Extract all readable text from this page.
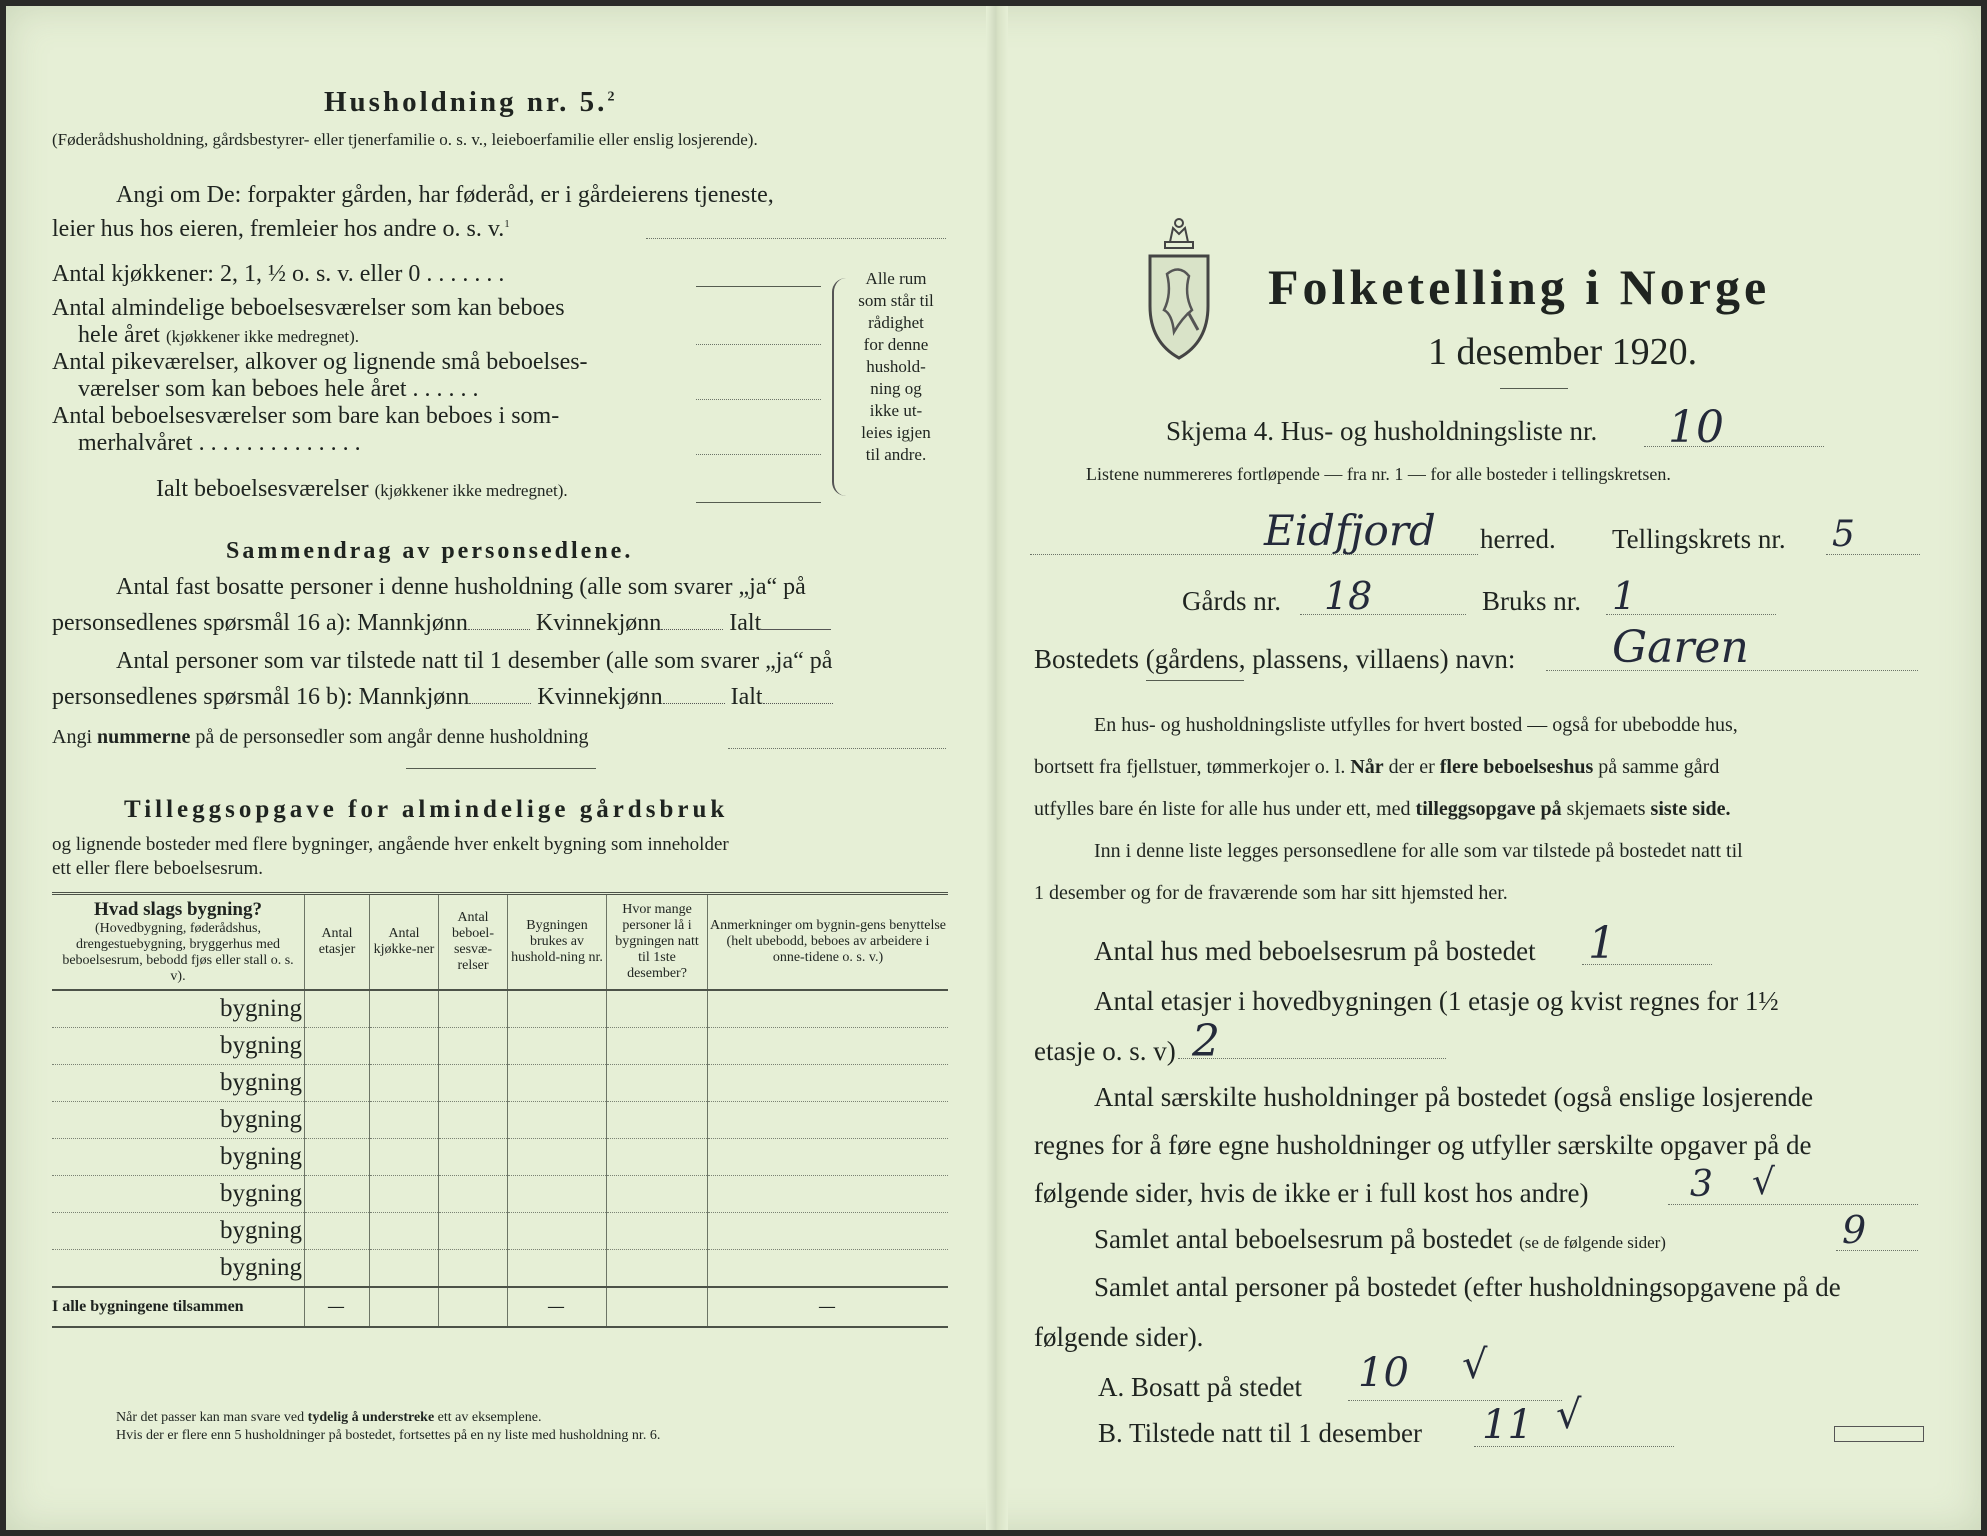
Husholdning nr. 5.$^2$
(Føderådshusholdning, gårdsbestyrer- eller tjenerfamilie o. s. v., leieboerfamilie eller enslig losjerende).
Angi om De: forpakter gården, har føderåd, er i gårdeierens tjeneste,
leier hus hos eieren, fremleier hos andre o. s. v.$^1$
Antal kjøkkener: 2, 1, ½ o. s. v. eller 0 . . . . . . .
Antal almindelige beboelsesværelser som kan beboes
hele året (kjøkkener ikke medregnet).
Antal pikeværelser, alkover og lignende små beboelses-
værelser som kan beboes hele året . . . . . .
Antal beboelsesværelser som bare kan beboes i som-
merhalvåret . . . . . . . . . . . . . .
Ialt beboelsesværelser (kjøkkener ikke medregnet).
Alle rum
som står til
rådighet
for denne
hushold-
ning og
ikke ut-
leies igjen
til andre.
Sammendrag av personsedlene.
Antal fast bosatte personer i denne husholdning (alle som svarer „ja“ på
personsedlenes spørsmål 16 a): Mannkjønn	Kvinnekjønn	Ialt
Antal personer som var tilstede natt til 1 desember (alle som svarer „ja“ på
personsedlenes spørsmål 16 b): Mannkjønn	Kvinnekjønn	Ialt
Angi nummerne på de personsedler som angår denne husholdning
Tilleggsopgave for almindelige gårdsbruk
og lignende bosteder med flere bygninger, angående hver enkelt bygning som inneholder
ett eller flere beboelsesrum.
Hvad slags bygning?
(Hovedbygning, føderådshus, drengestuebygning, bryggerhus med beboelsesrum, bebodd fjøs eller stall o. s. v).	Antal etasjer	Antal kjøkke-ner	Antal beboel-sesvæ-relser	Bygningen brukes av hushold-ning nr.	Hvor mange personer lå i bygningen natt til 1ste desember?	Anmerkninger om bygnin-gens benyttelse (helt ubebodd, beboes av arbeidere i onne-tidene o. s. v.)
bygning						
bygning						
bygning						
bygning						
bygning						
bygning						
bygning						
bygning						
I alle bygningene tilsammen	—			—		—
Når det passer kan man svare ved tydelig å understreke ett av eksemplene.
Hvis der er flere enn 5 husholdninger på bostedet, fortsettes på en ny liste med husholdning nr. 6.
Folketelling i Norge
1 desember 1920.
Skjema 4. Hus- og husholdningsliste nr. 10
Listene nummereres fortløpende — fra nr. 1 — for alle bosteder i tellingskretsen.
Eidfjord herred. Tellingskrets nr. 5
Gårds nr. 18	Bruks nr. 1
Bostedets (gårdens, plassens, villaens) navn: Garen
En hus- og husholdningsliste utfylles for hvert bosted — også for ubebodde hus,
bortsett fra fjellstuer, tømmerkojer o. l. Når der er flere beboelseshus på samme gård
utfylles bare én liste for alle hus under ett, med tilleggsopgave på skjemaets siste side.
Inn i denne liste legges personsedlene for alle som var tilstede på bostedet natt til
1 desember og for de fraværende som har sitt hjemsted her.
Antal hus med beboelsesrum på bostedet 1
Antal etasjer i hovedbygningen (1 etasje og kvist regnes for 1½
etasje o. s. v) 2
Antal særskilte husholdninger på bostedet (også enslige losjerende
regnes for å føre egne husholdninger og utfyller særskilte opgaver på de
følgende sider, hvis de ikke er i full kost hos andre)	3 √
Samlet antal beboelsesrum på bostedet (se de følgende sider)	9
Samlet antal personer på bostedet (efter husholdningsopgavene på de
følgende sider).
A. Bosatt på stedet 10 √
B. Tilstede natt til 1 desember 11 √
